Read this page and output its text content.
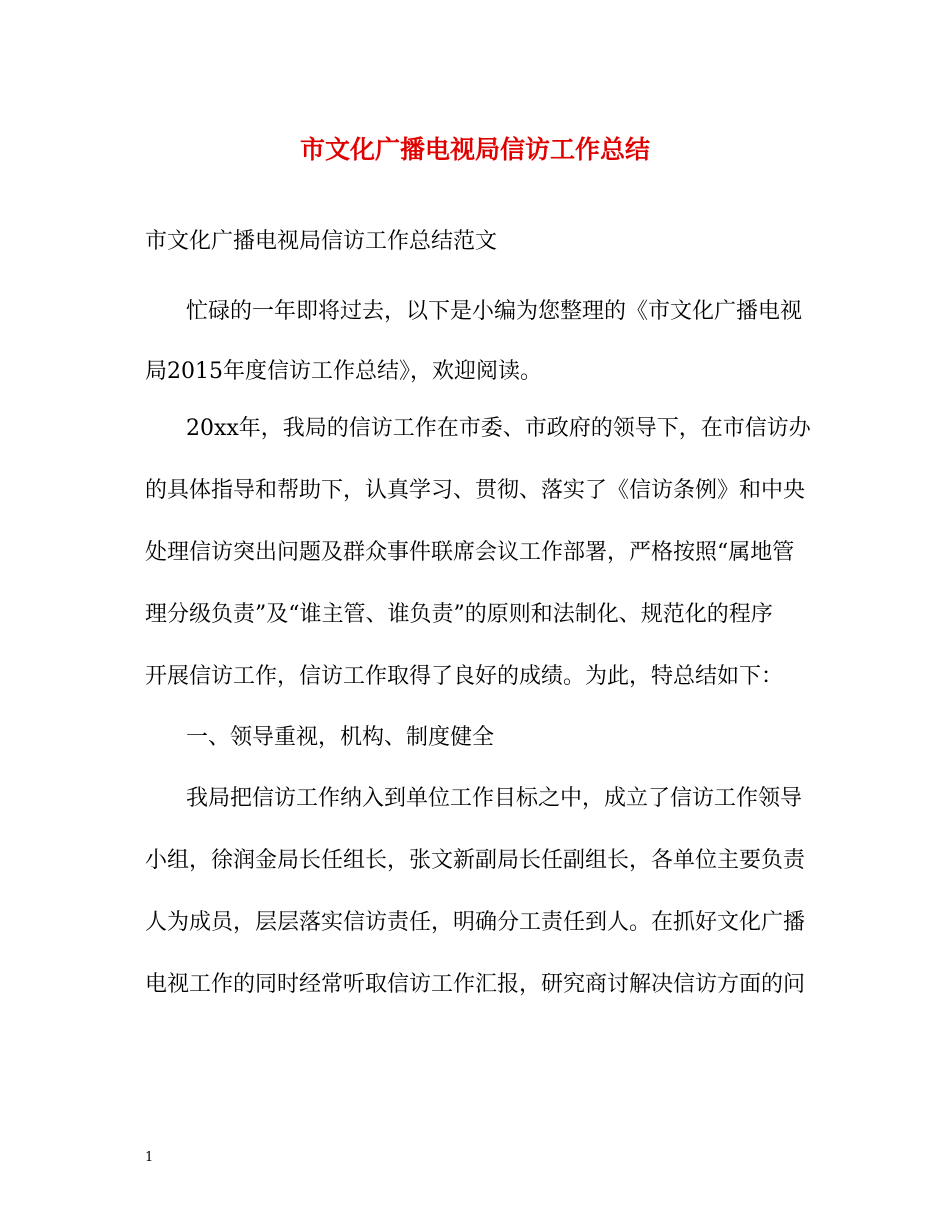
市文化广播电视局信访工作总结
市文化广播电视局信访工作总结范文
忙碌的一年即将过去，以下是小编为您整理的《市文化广播电视
局2015年度信访工作总结》，欢迎阅读。
20xx年，我局的信访工作在市委、市政府的领导下，在市信访办
的具体指导和帮助下，认真学习、贯彻、落实了《信访条例》和中央
处理信访突出问题及群众事件联席会议工作部署，严格按照“属地管
理分级负责”及“谁主管、谁负责”的原则和法制化、规范化的程序
开展信访工作，信访工作取得了良好的成绩。为此，特总结如下：
一、领导重视，机构、制度健全
我局把信访工作纳入到单位工作目标之中，成立了信访工作领导
小组，徐润金局长任组长，张文新副局长任副组长，各单位主要负责
人为成员，层层落实信访责任，明确分工责任到人。在抓好文化广播
电视工作的同时经常听取信访工作汇报，研究商讨解决信访方面的问
1
